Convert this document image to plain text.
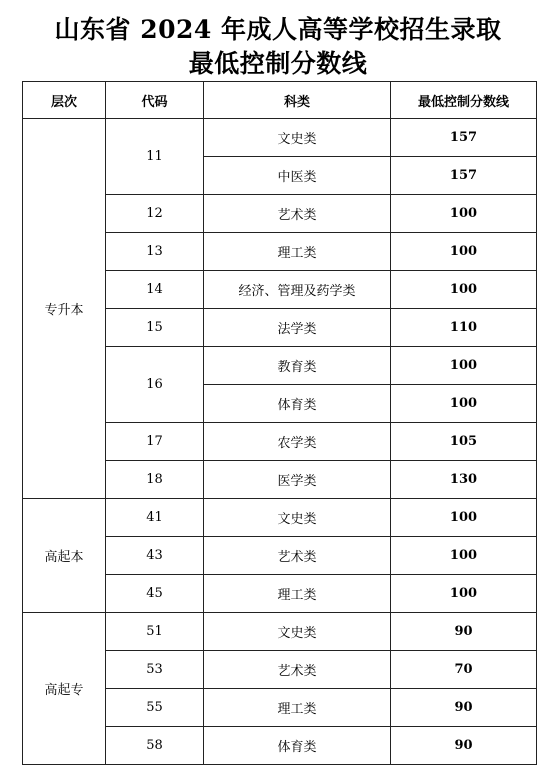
山东省 2024 年成人高等学校招生录取
最低控制分数线
层次	代码	科类	最低控制分数线
专升本	11	文史类	157
		中医类	157
	12	艺术类	100
	13	理工类	100
	14	经济、管理及药学类	100
	15	法学类	110
	16	教育类	100
		体育类	100
	17	农学类	105
	18	医学类	130
高起本	41	文史类	100
	43	艺术类	100
	45	理工类	100
高起专	51	文史类	90
	53	艺术类	70
	55	理工类	90
	58	体育类	90
